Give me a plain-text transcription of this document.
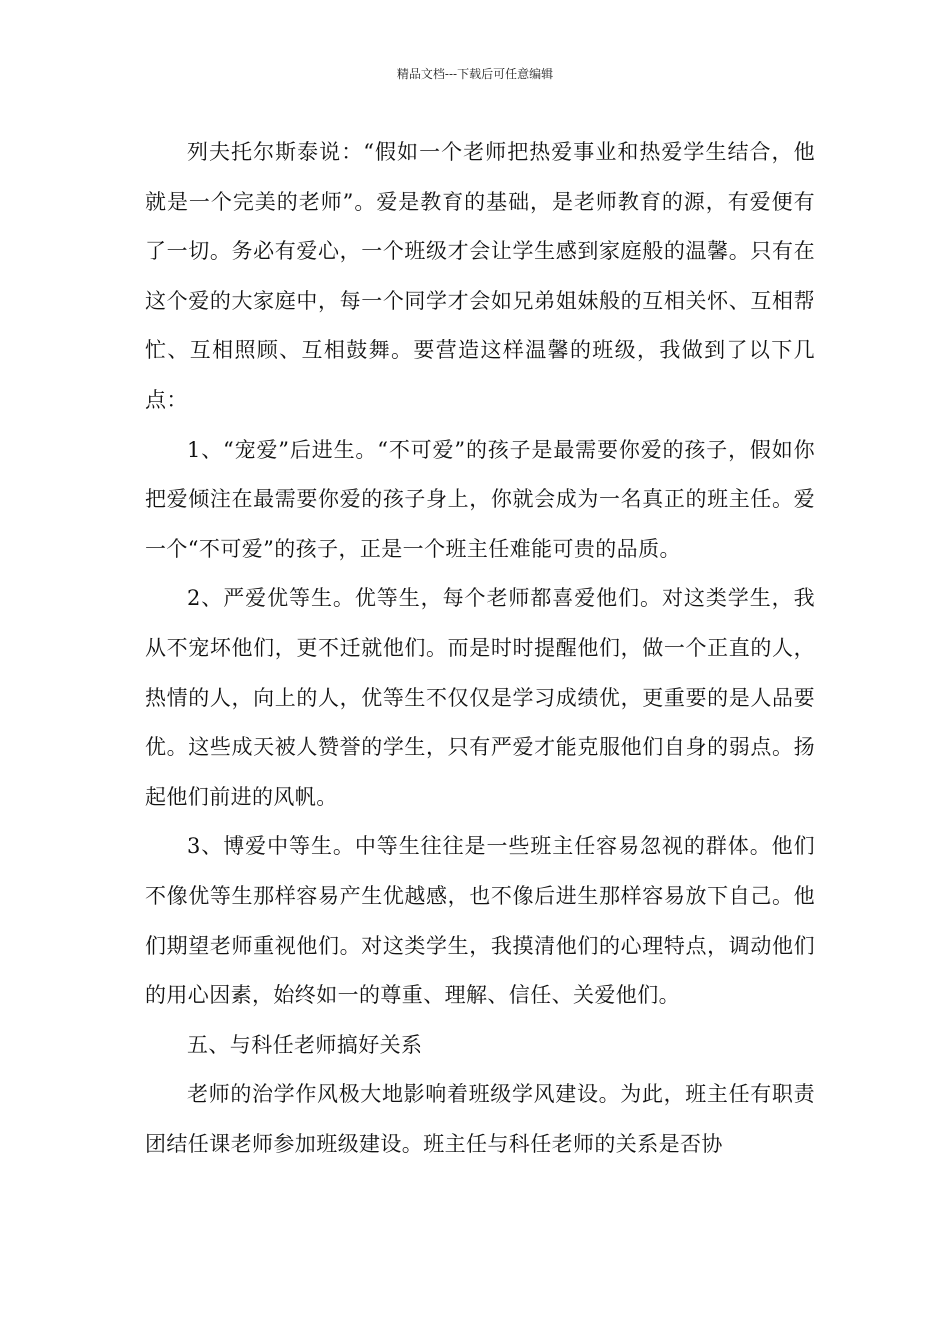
精品文档---下载后可任意编辑

列夫托尔斯泰说：“假如一个老师把热爱事业和热爱学生结合，他就是一个完美的老师”。爱是教育的基础，是老师教育的源，有爱便有了一切。务必有爱心，一个班级才会让学生感到家庭般的温馨。只有在这个爱的大家庭中，每一个同学才会如兄弟姐妹般的互相关怀、互相帮忙、互相照顾、互相鼓舞。要营造这样温馨的班级，我做到了以下几点：

1、“宠爱”后进生。“不可爱”的孩子是最需要你爱的孩子，假如你把爱倾注在最需要你爱的孩子身上，你就会成为一名真正的班主任。爱一个“不可爱”的孩子，正是一个班主任难能可贵的品质。

2、严爱优等生。优等生，每个老师都喜爱他们。对这类学生，我从不宠坏他们，更不迁就他们。而是时时提醒他们，做一个正直的人，热情的人，向上的人，优等生不仅仅是学习成绩优，更重要的是人品要优。这些成天被人赞誉的学生，只有严爱才能克服他们自身的弱点。扬起他们前进的风帆。

3、博爱中等生。中等生往往是一些班主任容易忽视的群体。他们不像优等生那样容易产生优越感，也不像后进生那样容易放下自己。他们期望老师重视他们。对这类学生，我摸清他们的心理特点，调动他们的用心因素，始终如一的尊重、理解、信任、关爱他们。

五、与科任老师搞好关系

老师的治学作风极大地影响着班级学风建设。为此，班主任有职责团结任课老师参加班级建设。班主任与科任老师的关系是否协
